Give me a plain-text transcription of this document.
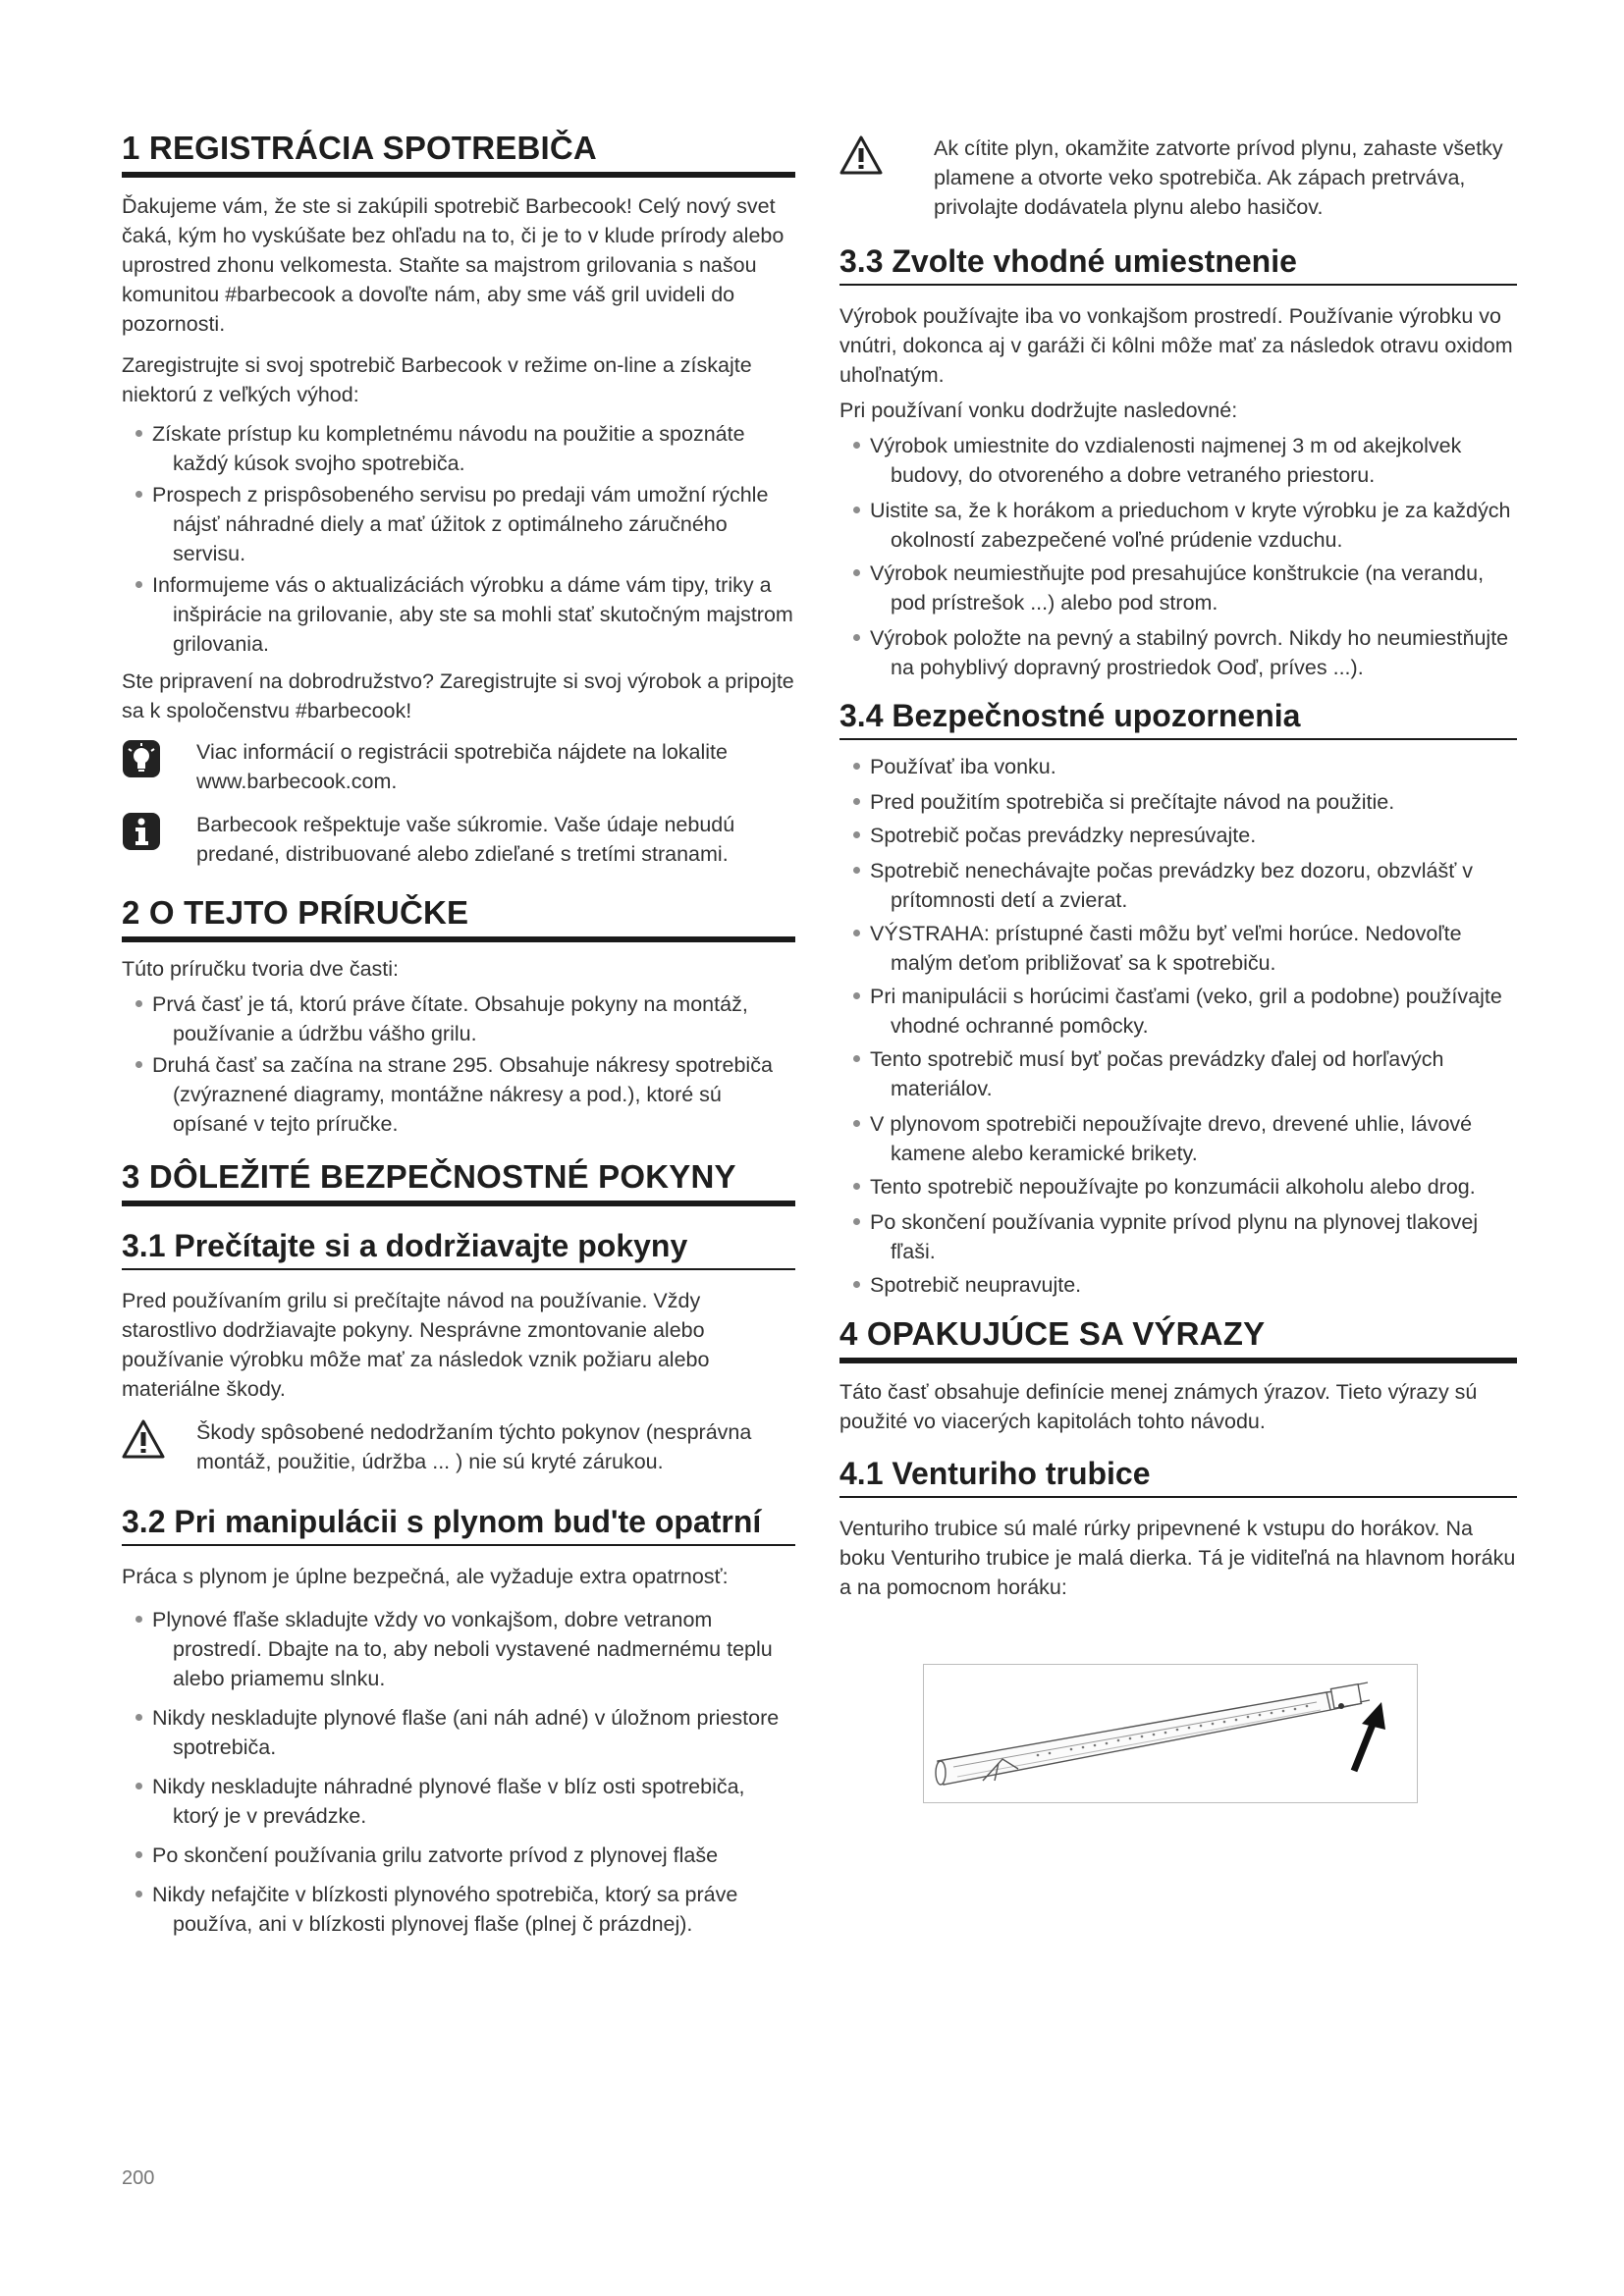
1 REGISTRÁCIA SPOTREBIČA

Ďakujeme vám, že ste si zakúpili spotrebič Barbecook! Celý nový svet čaká, kým ho vyskúšate bez ohľadu na to, či je to v klude prírody alebo uprostred zhonu velkomesta. Staňte sa majstrom grilovania s našou komunitou #barbecook a dovoľte nám, aby sme váš gril uvideli do pozornosti.

Zaregistrujte si svoj spotrebič Barbecook v režime on-line a získajte niektorú z veľkých výhod:

Získate prístup ku kompletnému návodu na použitie a spoznáte každý kúsok svojho spotrebiča.
Prospech z prispôsobeného servisu po predaji vám umožní rýchle nájsť náhradné diely a mať úžitok z optimálneho záručného servisu.
Informujeme vás o aktualizáciách výrobku a dáme vám tipy, triky a inšpirácie na grilovanie, aby ste sa mohli stať skutočným majstrom grilovania.

Ste pripravení na dobrodružstvo? Zaregistrujte si svoj výrobok a pripojte sa k spoločenstvu #barbecook!

Viac informácií o registrácii spotrebiča nájdete na lokalite www.barbecook.com.
Barbecook rešpektuje vaše súkromie. Vaše údaje nebudú predané, distribuované alebo zdieľané s tretími stranami.
2 O TEJTO PRÍRUČKE

Túto príručku tvoria dve časti:

Prvá časť je tá, ktorú práve čítate. Obsahuje pokyny na montáž, používanie a údržbu vášho grilu.
Druhá časť sa začína na strane 295. Obsahuje nákresy spotrebiča (zvýraznené diagramy, montážne nákresy a pod.), ktoré sú opísané v tejto príručke.
3 DÔLEŽITÉ BEZPEČNOSTNÉ POKYNY
3.1 Prečítajte si a dodržiavajte pokyny

Pred používaním grilu si prečítajte návod na používanie. Vždy starostlivo dodržiavajte pokyny. Nesprávne zmontovanie alebo používanie výrobku môže mať za následok vznik požiaru alebo materiálne škody.

Škody spôsobené nedodržaním týchto pokynov (nesprávna montáž, použitie, údržba ... ) nie sú kryté zárukou.
3.2 Pri manipulácii s plynom bud'te opatrní

Práca s plynom je úplne bezpečná, ale vyžaduje extra opatrnosť:

Plynové fľaše skladujte vždy vo vonkajšom, dobre vetranom prostredí. Dbajte na to, aby neboli vystavené nadmernému teplu alebo priamemu slnku.
Nikdy neskladujte plynové flaše (ani náh adné) v úložnom priestore spotrebiča.
Nikdy neskladujte náhradné plynové flaše v blíz osti spotrebiča, ktorý je v prevádzke.
Po skončení používania grilu zatvorte prívod z plynovej flaše
Nikdy nefajčite v blízkosti plynového spotrebiča, ktorý sa práve používa, ani v blízkosti plynovej flaše (plnej č prázdnej).
Ak cítite plyn, okamžite zatvorte prívod plynu, zahaste všetky plamene a otvorte veko spotrebiča. Ak zápach pretrváva, privolajte dodávatela plynu alebo hasičov.
3.3 Zvolte vhodné umiestnenie

Výrobok používajte iba vo vonkajšom prostredí. Používanie výrobku vo vnútri, dokonca aj v garáži či kôlni môže mať za následok otravu oxidom uhoľnatým.

Pri používaní vonku dodržujte nasledovné:

Výrobok umiestnite do vzdialenosti najmenej 3 m od akejkolvek budovy, do otvoreného a dobre vetraného priestoru.
Uistite sa, že k horákom a prieduchom v kryte výrobku je za každých okolností zabezpečené voľné prúdenie vzduchu.
Výrobok neumiestňujte pod presahujúce konštrukcie (na verandu, pod prístrešok ...) alebo pod strom.
Výrobok položte na pevný a stabilný povrch. Nikdy ho neumiestňujte na pohyblivý dopravný prostriedok Ooď, príves ...).
3.4 Bezpečnostné upozornenia
Používať iba vonku.
Pred použitím spotrebiča si prečítajte návod na použitie.
Spotrebič počas prevádzky nepresúvajte.
Spotrebič nenechávajte počas prevádzky bez dozoru, obzvlášť v prítomnosti detí a zvierat.
VÝSTRAHA: prístupné časti môžu byť veľmi horúce. Nedovoľte malým deťom približovať sa k spotrebiču.
Pri manipulácii s horúcimi časťami (veko, gril a podobne) používajte vhodné ochranné pomôcky.
Tento spotrebič musí byť počas prevádzky ďalej od horľavých materiálov.
V plynovom spotrebiči nepoužívajte drevo, drevené uhlie, lávové kamene alebo keramické brikety.
Tento spotrebič nepoužívajte po konzumácii alkoholu alebo drog.
Po skončení používania vypnite prívod plynu na plynovej tlakovej fľaši.
Spotrebič neupravujte.
4 OPAKUJÚCE SA VÝRAZY

Táto časť obsahuje definície menej známych ýrazov. Tieto výrazy sú použité vo viacerých kapitolách tohto návodu.

4.1 Venturiho trubice

Venturiho trubice sú malé rúrky pripevnené k vstupu do horákov. Na boku Venturiho trubice je malá dierka. Tá je viditeľná na hlavnom horáku a na pomocnom horáku:

200
